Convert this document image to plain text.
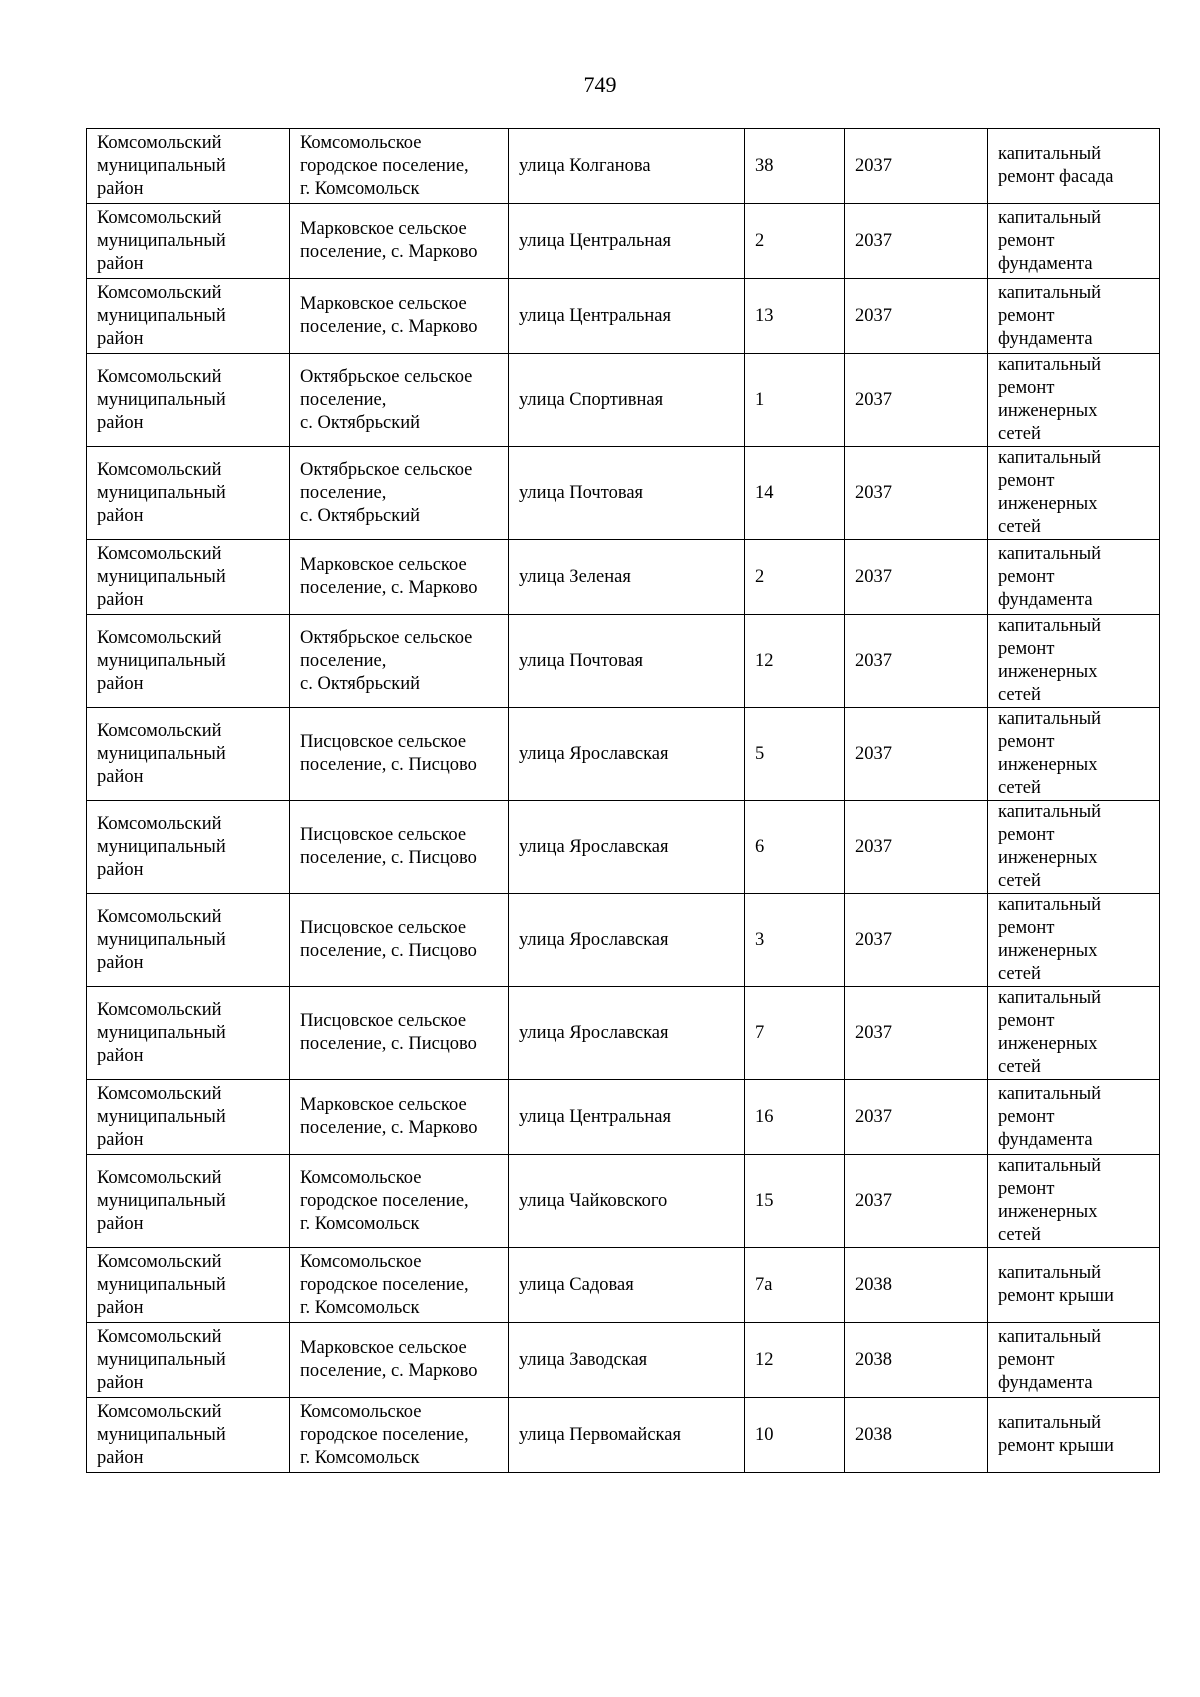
749
Комсомольский
муниципальный
район	Комсомольское
городское поселение,
г. Комсомольск	улица Колганова	38	2037	капитальный
ремонт фасада
Комсомольский
муниципальный
район	Марковское сельское
поселение, с. Марково	улица Центральная	2	2037	капитальный
ремонт
фундамента
Комсомольский
муниципальный
район	Марковское сельское
поселение, с. Марково	улица Центральная	13	2037	капитальный
ремонт
фундамента
Комсомольский
муниципальный
район	Октябрьское сельское
поселение,
с. Октябрьский	улица Спортивная	1	2037	капитальный
ремонт
инженерных
сетей
Комсомольский
муниципальный
район	Октябрьское сельское
поселение,
с. Октябрьский	улица Почтовая	14	2037	капитальный
ремонт
инженерных
сетей
Комсомольский
муниципальный
район	Марковское сельское
поселение, с. Марково	улица Зеленая	2	2037	капитальный
ремонт
фундамента
Комсомольский
муниципальный
район	Октябрьское сельское
поселение,
с. Октябрьский	улица Почтовая	12	2037	капитальный
ремонт
инженерных
сетей
Комсомольский
муниципальный
район	Писцовское сельское
поселение, с. Писцово	улица Ярославская	5	2037	капитальный
ремонт
инженерных
сетей
Комсомольский
муниципальный
район	Писцовское сельское
поселение, с. Писцово	улица Ярославская	6	2037	капитальный
ремонт
инженерных
сетей
Комсомольский
муниципальный
район	Писцовское сельское
поселение, с. Писцово	улица Ярославская	3	2037	капитальный
ремонт
инженерных
сетей
Комсомольский
муниципальный
район	Писцовское сельское
поселение, с. Писцово	улица Ярославская	7	2037	капитальный
ремонт
инженерных
сетей
Комсомольский
муниципальный
район	Марковское сельское
поселение, с. Марково	улица Центральная	16	2037	капитальный
ремонт
фундамента
Комсомольский
муниципальный
район	Комсомольское
городское поселение,
г. Комсомольск	улица Чайковского	15	2037	капитальный
ремонт
инженерных
сетей
Комсомольский
муниципальный
район	Комсомольское
городское поселение,
г. Комсомольск	улица Садовая	7а	2038	капитальный
ремонт крыши
Комсомольский
муниципальный
район	Марковское сельское
поселение, с. Марково	улица Заводская	12	2038	капитальный
ремонт
фундамента
Комсомольский
муниципальный
район	Комсомольское
городское поселение,
г. Комсомольск	улица Первомайская	10	2038	капитальный
ремонт крыши
